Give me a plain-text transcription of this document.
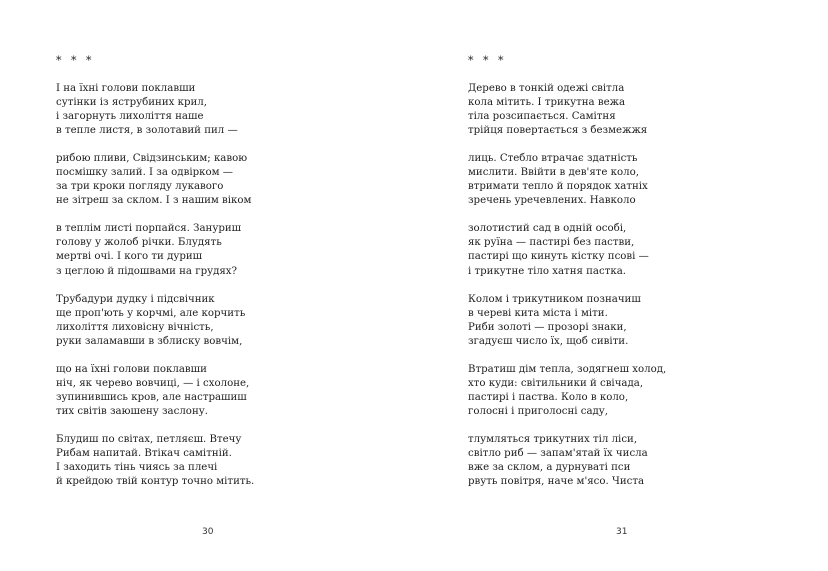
* * *
І на їхні голови поклавши
сутінки із яструбиних крил,
і загорнуть лихоліття наше
в тепле листя, в золотавий пил —
рибою пливи, Свідзинським; кавою
посмішку залий. І за одвірком —
за три кроки погляду лукавого
не зітреш за склом. І з нашим віком
в теплім листі порпайся. Зануриш
голову у жолоб річки. Блудять
мертві очі. І кого ти дуриш
з цеглою й підошвами на грудях?
Трубадури дудку і підсвічник
ще проп'ють у корчмі, але корчить
лихоліття лиховісну вічність,
руки заламавши в зблиску вовчім,
що на їхні голови поклавши
ніч, як черево вовчиці, — і схолоне,
зупинившись кров, але настрашиш
тих світів заюшену заслону.
Блудиш по світах, петляєш. Втечу
Рибам напитай. Втікач самітній.
І заходить тінь чиясь за плечі
й крейдою твій контур точно мітить.
30
* * *
Дерево в тонкій одежі світла
кола мітить. І трикутна вежа
тіла розсипається. Самітня
трійця повертається з безмежжя
лиць. Стебло втрачає здатність
мислити. Ввійти в дев'яте коло,
втримати тепло й порядок хатніх
зречень уречевлених. Навколо
золотистий сад в одній особі,
як руїна — пастирі без пастви,
пастирі що кинуть кістку псові —
і трикутне тіло хатня пастка.
Колом і трикутником позначиш
в череві кита міста і міти.
Риби золоті — прозорі знаки,
згадуєш число їх, щоб сивіти.
Втратиш дім тепла, зодягнеш холод,
хто куди: світильники й свічада,
пастирі і паства. Коло в коло,
голосні і приголосні саду,
тлумляться трикутних тіл ліси,
світло риб — запам'ятай їх числа
вже за склом, а дурнуваті пси
рвуть повітря, наче м'ясо. Чиста
31
